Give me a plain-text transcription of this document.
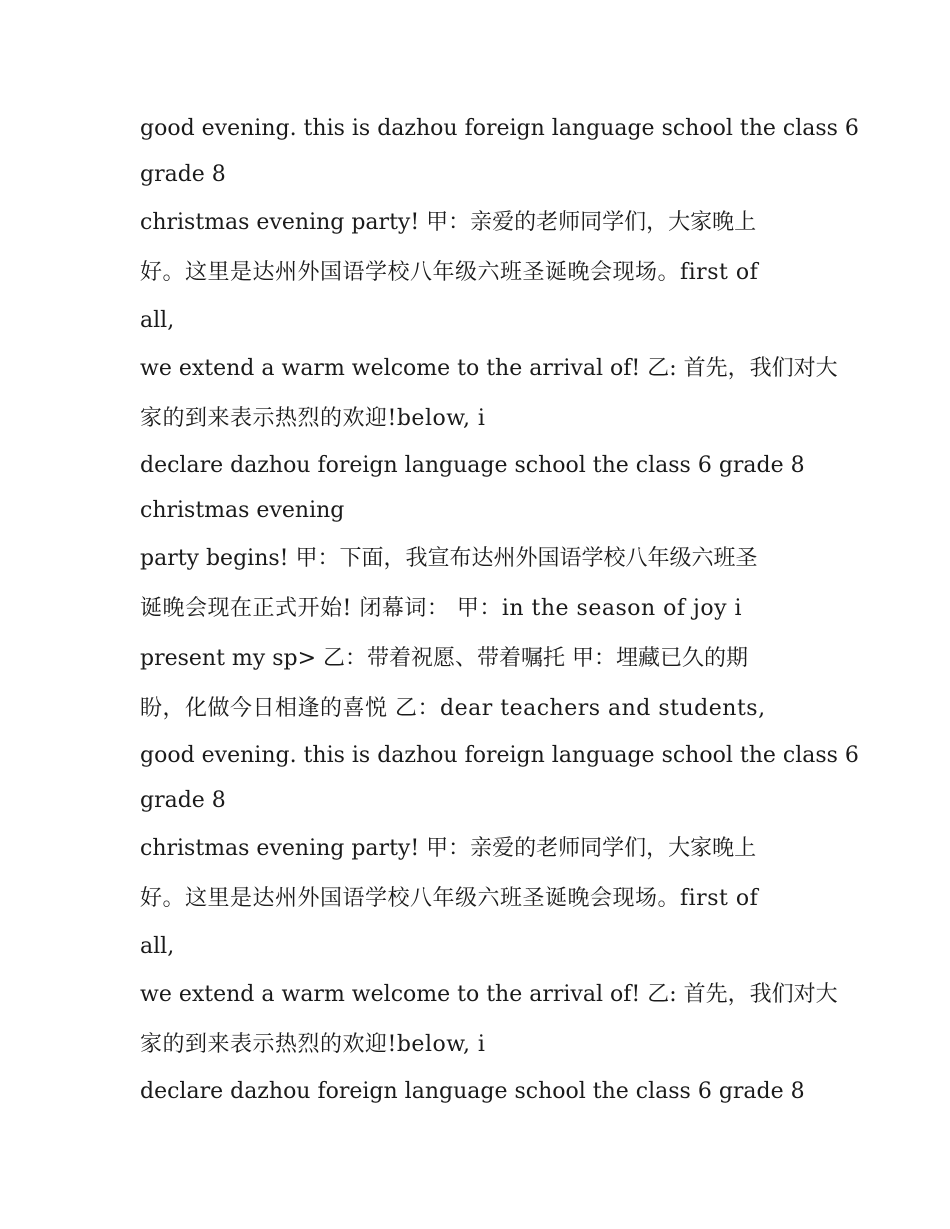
good evening. this is dazhou foreign language school the class 6
grade 8
christmas evening party! 甲：亲爱的老师同学们，大家晚上
好。这里是达州外国语学校八年级六班圣诞晚会现场。first of
all,
we extend a warm welcome to the arrival of! 乙: 首先，我们对大
家的到来表示热烈的欢迎!below, i
declare dazhou foreign language school the class 6 grade 8
christmas evening
party begins! 甲：下面，我宣布达州外国语学校八年级六班圣
诞晚会现在正式开始! 闭幕词： 甲：in the season of joy i
present my sp> 乙：带着祝愿、带着嘱托 甲：埋藏已久的期
盼，化做今日相逢的喜悦 乙：dear teachers and students,
good evening. this is dazhou foreign language school the class 6
grade 8
christmas evening party! 甲：亲爱的老师同学们，大家晚上
好。这里是达州外国语学校八年级六班圣诞晚会现场。first of
all,
we extend a warm welcome to the arrival of! 乙: 首先，我们对大
家的到来表示热烈的欢迎!below, i
declare dazhou foreign language school the class 6 grade 8
